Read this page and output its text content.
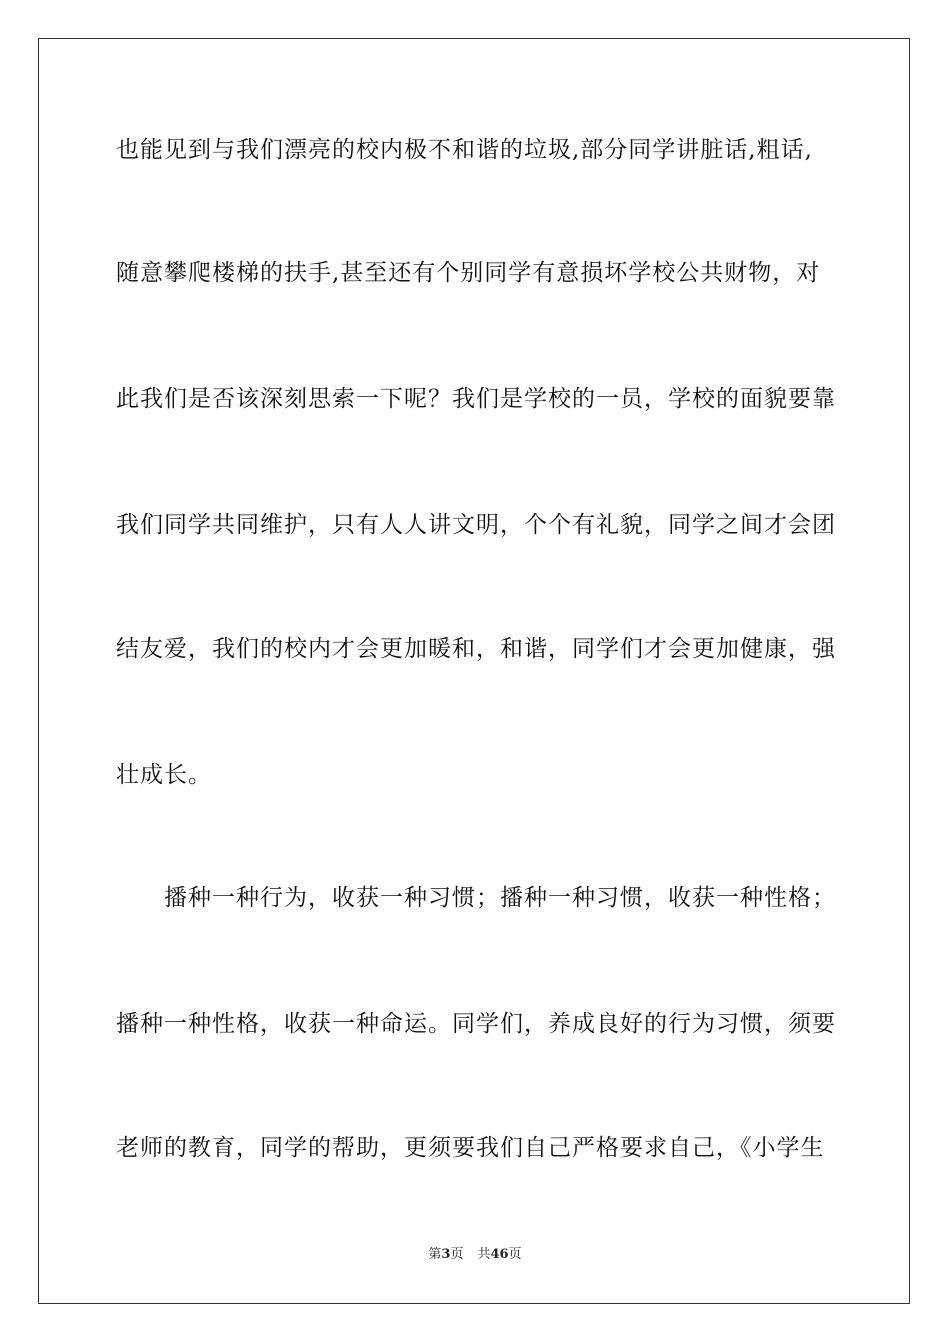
也能见到与我们漂亮的校内极不和谐的垃圾,部分同学讲脏话,粗话,
随意攀爬楼梯的扶手,甚至还有个别同学有意损坏学校公共财物，对
此我们是否该深刻思索一下呢？我们是学校的一员，学校的面貌要靠
我们同学共同维护，只有人人讲文明，个个有礼貌，同学之间才会团
结友爱，我们的校内才会更加暖和，和谐，同学们才会更加健康，强
壮成长。
播种一种行为，收获一种习惯；播种一种习惯，收获一种性格；
播种一种性格，收获一种命运。同学们，养成良好的行为习惯，须要
老师的教育，同学的帮助，更须要我们自己严格要求自己，《小学生
第3页 共46页
